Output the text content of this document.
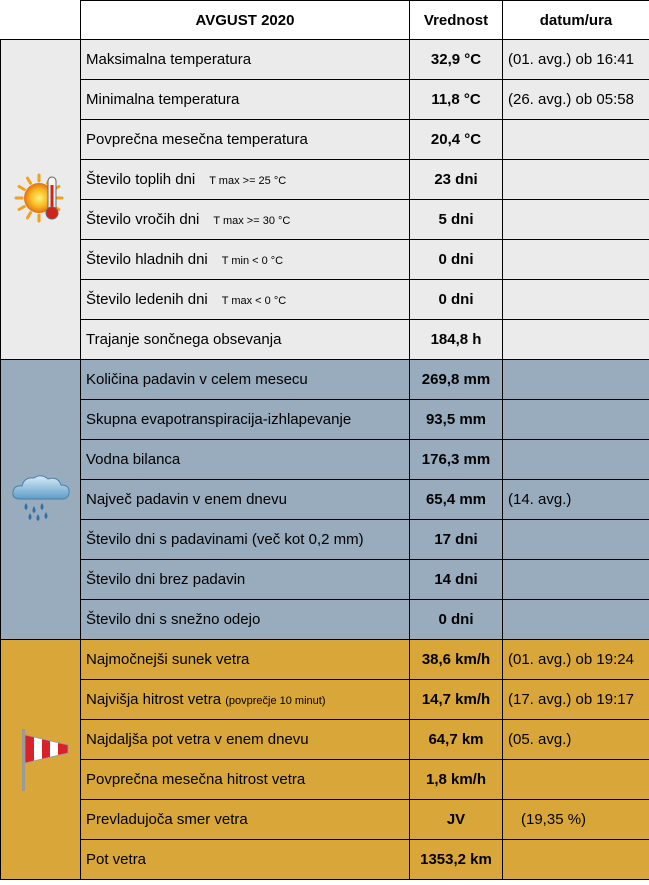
	AVGUST 2020	Vrednost	datum/ura
	Maksimalna temperatura	32,9 °C	(01. avg.) ob 16:41
	Minimalna temperatura	11,8 °C	(26. avg.) ob 05:58
	Povprečna mesečna temperatura	20,4 °C	
	Število toplih dni T max >= 25 °C	23 dni	
	Število vročih dni T max >= 30 °C	5 dni	
	Število hladnih dni T min < 0 °C	0 dni	
	Število ledenih dni T max < 0 °C	0 dni	
	Trajanje sončnega obsevanja	184,8 h	
	Količina padavin v celem mesecu	269,8 mm	
	Skupna evapotranspiracija-izhlapevanje	93,5 mm	
	Vodna bilanca	176,3 mm	
	Največ padavin v enem dnevu	65,4 mm	(14. avg.)
	Število dni s padavinami (več kot 0,2 mm)	17 dni	
	Število dni brez padavin	14 dni	
	Število dni s snežno odejo	0 dni	
	Najmočnejši sunek vetra	38,6 km/h	(01. avg.) ob 19:24
	Najvišja hitrost vetra (povprečje 10 minut)	14,7 km/h	(17. avg.) ob 19:17
	Najdaljša pot vetra v enem dnevu	64,7 km	(05. avg.)
	Povprečna mesečna hitrost vetra	1,8 km/h	
	Prevladujoča smer vetra	JV	(19,35 %)
	Pot vetra	1353,2 km	
